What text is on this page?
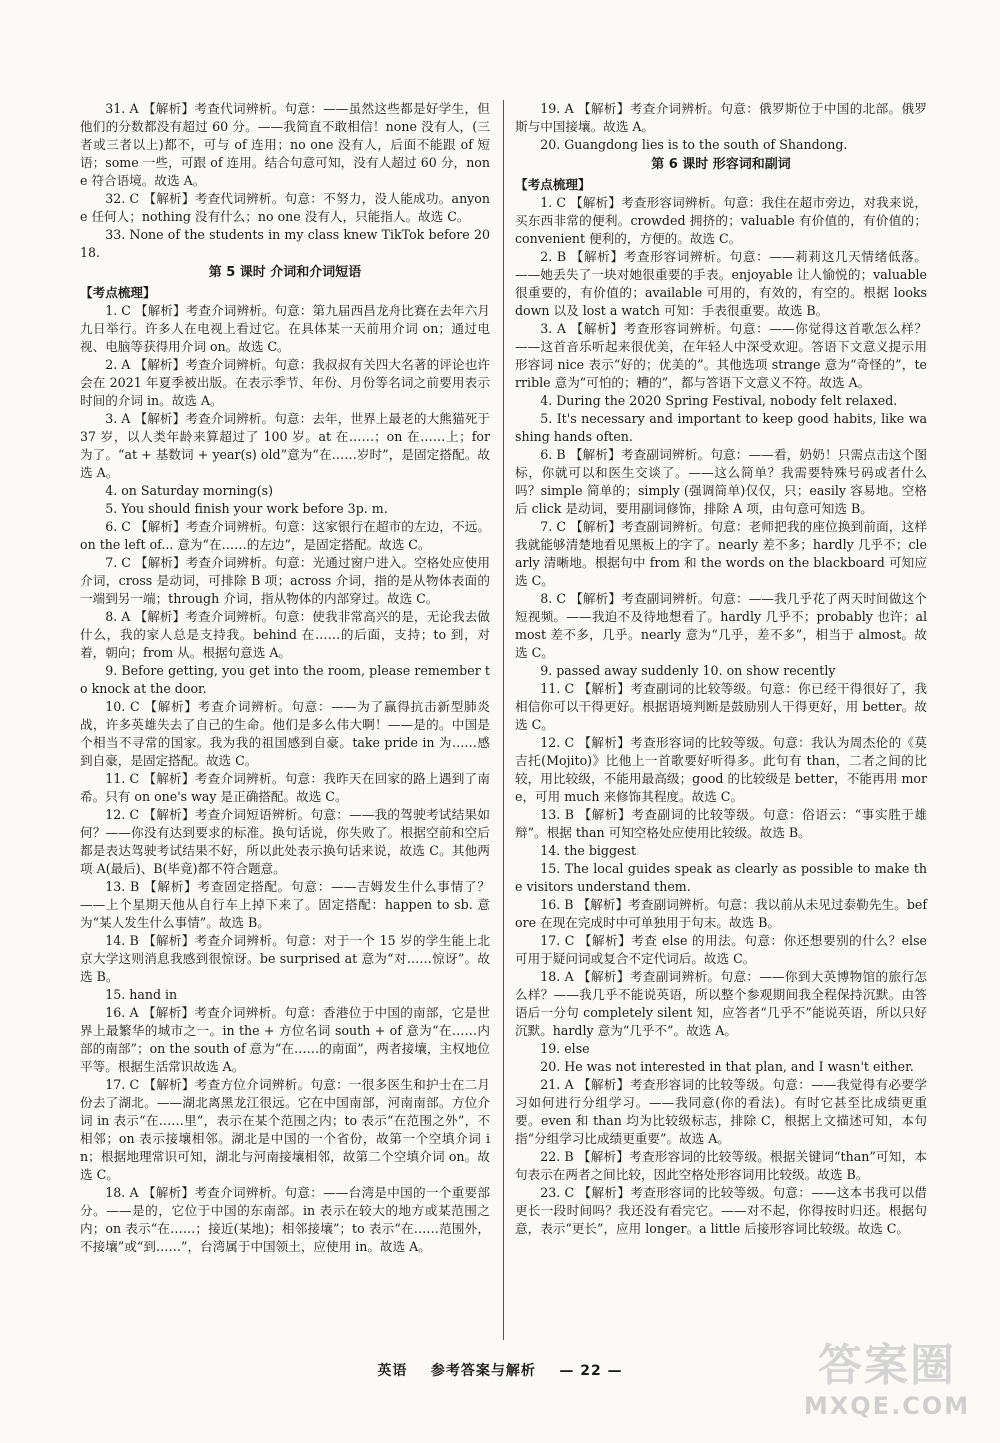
31. A 【解析】考查代词辨析。句意：——虽然这些都是好学生，但他们的分数都没有超过 60 分。——我简直不敢相信！none 没有人，(三者或三者以上)都不，可与 of 连用；no one 没有人，后面不能跟 of 短语；some 一些，可跟 of 连用。结合句意可知，没有人超过 60 分，none 符合语境。故选 A。
32. C 【解析】考查代词辨析。句意：不努力，没人能成功。anyone 任何人；nothing 没有什么；no one 没有人，只能指人。故选 C。
33. None of the students in my class knew TikTok before 2018.
第 5 课时 介词和介词短语
【考点梳理】
1. C 【解析】考查介词辨析。句意：第九届西昌龙舟比赛在去年六月九日举行。许多人在电视上看过它。在具体某一天前用介词 on；通过电视、电脑等获得用介词 on。故选 C。
2. A 【解析】考查介词辨析。句意：我叔叔有关四大名著的评论也许会在 2021 年夏季被出版。在表示季节、年份、月份等名词之前要用表示时间的介词 in。故选 A。
3. A 【解析】考查介词辨析。句意：去年，世界上最老的大熊猫死于 37 岁，以人类年龄来算超过了 100 岁。at 在……；on 在……上；for 为了。“at + 基数词 + year(s) old”意为“在……岁时”，是固定搭配。故选 A。
4. on Saturday morning(s)
5. You should finish your work before 3p. m.
6. C 【解析】考查介词辨析。句意：这家银行在超市的左边，不远。on the left of... 意为“在……的左边”，是固定搭配。故选 C。
7. C 【解析】考查介词辨析。句意：光通过窗户进入。空格处应使用介词，cross 是动词，可排除 B 项；across 介词，指的是从物体表面的一端到另一端；through 介词，指从物体的内部穿过。故选 C。
8. A 【解析】考查介词辨析。句意：使我非常高兴的是，无论我去做什么，我的家人总是支持我。behind 在……的后面，支持；to 到，对着，朝向；from 从。根据句意选 A。
9. Before getting, you get into the room, please remember to knock at the door.
10. C 【解析】考查介词辨析。句意：——为了赢得抗击新型肺炎战，许多英雄失去了自己的生命。他们是多么伟大啊！——是的。中国是个相当不寻常的国家。我为我的祖国感到自豪。take pride in 为……感到自豪，是固定搭配。故选 C。
11. C 【解析】考查介词辨析。句意：我昨天在回家的路上遇到了南希。只有 on one's way 是正确搭配。故选 C。
12. C 【解析】考查介词短语辨析。句意：——我的驾驶考试结果如何？——你没有达到要求的标准。换句话说，你失败了。根据空前和空后都是表达驾驶考试结果不好，所以此处表示换句话来说，故选 C。其他两项 A(最后)、B(毕竟)都不符合题意。
13. B 【解析】考查固定搭配。句意：——吉姆发生什么事情了？——上个星期天他从自行车上掉下来了。固定搭配：happen to sb. 意为“某人发生什么事情”。故选 B。
14. B 【解析】考查介词辨析。句意：对于一个 15 岁的学生能上北京大学这则消息我感到很惊讶。be surprised at 意为“对……惊讶”。故选 B。
15. hand in
16. A 【解析】考查介词辨析。句意：香港位于中国的南部，它是世界上最繁华的城市之一。in the + 方位名词 south + of 意为“在……内部的南部”；on the south of 意为“在……的南面”，两者接壤，主权地位平等。根据生活常识故选 A。
17. C 【解析】考查方位介词辨析。句意：一很多医生和护士在二月份去了湖北。——湖北离黑龙江很远。它在中国南部，河南南部。方位介词 in 表示“在……里”，表示在某个范围之内；to 表示“在范围之外”，不相邻；on 表示接壤相邻。湖北是中国的一个省份，故第一个空填介词 in；根据地理常识可知，湖北与河南接壤相邻，故第二个空填介词 on。故选 C。
18. A 【解析】考查介词辨析。句意：——台湾是中国的一个重要部分。——是的，它位于中国的东南部。in 表示在较大的地方或某范围之内；on 表示“在……；接近(某地)；相邻接壤”；to 表示“在……范围外，不接壤”或“到……”，台湾属于中国领土，应使用 in。故选 A。
19. A 【解析】考查介词辨析。句意：俄罗斯位于中国的北部。俄罗斯与中国接壤。故选 A。
20. Guangdong lies is to the south of Shandong.
第 6 课时 形容词和副词
【考点梳理】
1. C 【解析】考查形容词辨析。句意：我住在超市旁边，对我来说，买东西非常的便利。crowded 拥挤的；valuable 有价值的，有价值的；convenient 便利的，方便的。故选 C。
2. B 【解析】考查形容词辨析。句意：——莉莉这几天情绪低落。——她丢失了一块对她很重要的手表。enjoyable 让人愉悦的；valuable 很重要的，有价值的；available 可用的，有效的，有空的。根据 looks down 以及 lost a watch 可知：手表很重要。故选 B。
3. A 【解析】考查形容词辨析。句意：——你觉得这首歌怎么样？——这首音乐听起来很优美，在年轻人中深受欢迎。答语下文意义提示用形容词 nice 表示“好的；优美的”。其他选项 strange 意为“奇怪的”，terrible 意为“可怕的；糟的”，都与答语下文意义不符。故选 A。
4. During the 2020 Spring Festival, nobody felt relaxed.
5. It's necessary and important to keep good habits, like washing hands often.
6. B 【解析】考查副词辨析。句意：——看，奶奶！只需点击这个图标，你就可以和医生交谈了。——这么简单？我需要特殊号码或者什么吗？simple 简单的；simply (强调简单)仅仅，只；easily 容易地。空格后 click 是动词，要用副词修饰，排除 A 项，由句意可知选 B。
7. C 【解析】考查副词辨析。句意：老师把我的座位换到前面，这样我就能够清楚地看见黑板上的字了。nearly 差不多；hardly 几乎不；clearly 清晰地。根据句中 from 和 the words on the blackboard 可知应选 C。
8. C 【解析】考查副词辨析。句意：——我几乎花了两天时间做这个短视频。——我迫不及待地想看了。hardly 几乎不；probably 也许；almost 差不多，几乎。nearly 意为“几乎，差不多”，相当于 almost。故选 C。
9. passed away suddenly 10. on show recently
11. C 【解析】考查副词的比较等级。句意：你已经干得很好了，我相信你可以干得更好。根据语境判断是鼓励别人干得更好，用 better。故选 C。
12. C 【解析】考查形容词的比较等级。句意：我认为周杰伦的《莫吉托(Mojito)》比他上一首歌要好听得多。此句有 than，二者之间的比较，用比较级，不能用最高级；good 的比较级是 better，不能再用 more，可用 much 来修饰其程度。故选 C。
13. B 【解析】考查副词的比较等级。句意：俗语云：“事实胜于雄辩”。根据 than 可知空格处应使用比较级。故选 B。
14. the biggest
15. The local guides speak as clearly as possible to make the visitors understand them.
16. B 【解析】考查副词辨析。句意：我以前从未见过泰勒先生。before 在现在完成时中可单独用于句末。故选 B。
17. C 【解析】考查 else 的用法。句意：你还想要别的什么？else 可用于疑问词或复合不定代词后。故选 C。
18. A 【解析】考查副词辨析。句意：——你到大英博物馆的旅行怎么样？——我几乎不能说英语，所以整个参观期间我全程保持沉默。由答语后一分句 completely silent 知，应答者“几乎不”能说英语，所以只好沉默。hardly 意为“几乎不”。故选 A。
19. else
20. He was not interested in that plan, and I wasn't either.
21. A 【解析】考查形容词的比较等级。句意：——我觉得有必要学习如何进行分组学习。——我同意(你的看法)。有时它甚至比成绩更重要。even 和 than 均为比较级标志，排除 C，根据上文描述可知，本句指“分组学习比成绩更重要”。故选 A。
22. B 【解析】考查形容词的比较等级。根据关键词“than”可知，本句表示在两者之间比较，因此空格处形容词用比较级。故选 B。
23. C 【解析】考查形容词的比较等级。句意：——这本书我可以借更长一段时间吗？我还没有看完它。——对不起，你得按时归还。根据句意，表示“更长”，应用 longer。a little 后接形容词比较级。故选 C。
英语 参考答案与解析 — 22 —	答案圈
MXQE.COM
